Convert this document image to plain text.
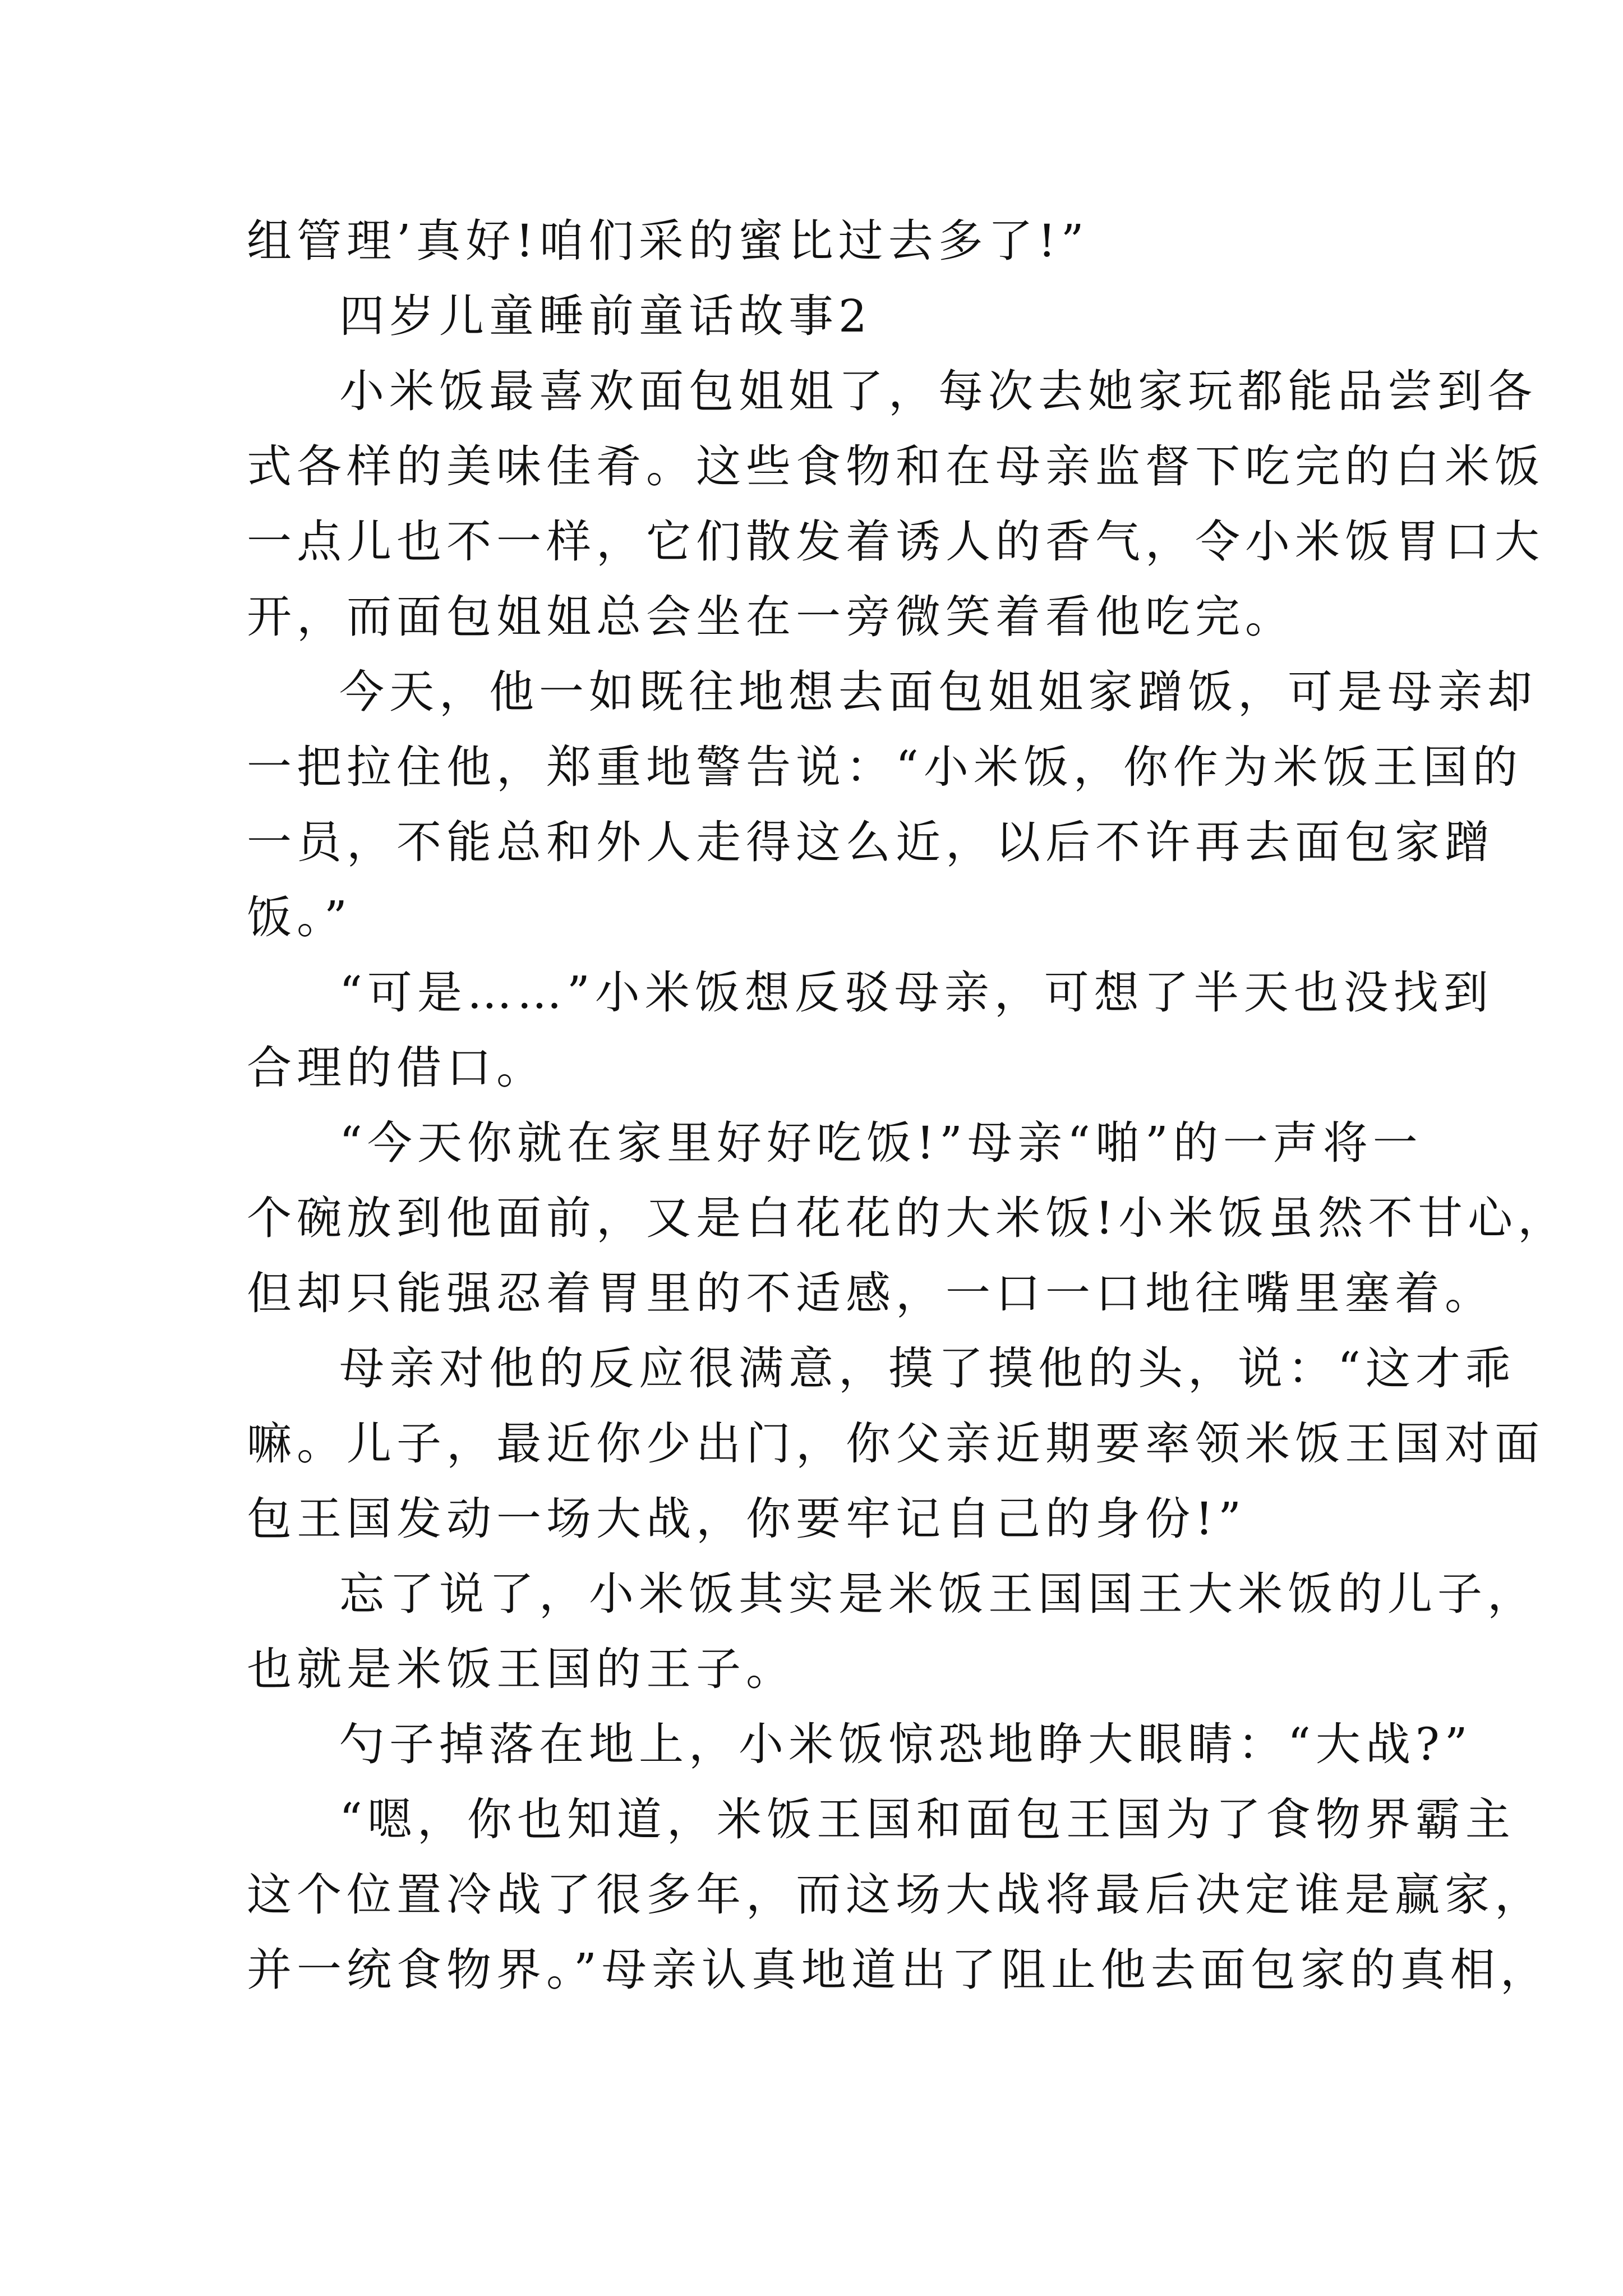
组管理’真好!咱们采的蜜比过去多了!”
四岁儿童睡前童话故事2
小米饭最喜欢面包姐姐了，每次去她家玩都能品尝到各
式各样的美味佳肴。这些食物和在母亲监督下吃完的白米饭
一点儿也不一样，它们散发着诱人的香气，令小米饭胃口大
开，而面包姐姐总会坐在一旁微笑着看他吃完。
今天，他一如既往地想去面包姐姐家蹭饭，可是母亲却
一把拉住他，郑重地警告说：“小米饭，你作为米饭王国的
一员，不能总和外人走得这么近，以后不许再去面包家蹭
饭。”
“可是……”小米饭想反驳母亲，可想了半天也没找到
合理的借口。
“今天你就在家里好好吃饭!”母亲“啪”的一声将一
个碗放到他面前，又是白花花的大米饭!小米饭虽然不甘心，
但却只能强忍着胃里的不适感，一口一口地往嘴里塞着。
母亲对他的反应很满意，摸了摸他的头，说：“这才乖
嘛。儿子，最近你少出门，你父亲近期要率领米饭王国对面
包王国发动一场大战，你要牢记自己的身份!”
忘了说了，小米饭其实是米饭王国国王大米饭的儿子，
也就是米饭王国的王子。
勺子掉落在地上，小米饭惊恐地睁大眼睛：“大战?”
“嗯，你也知道，米饭王国和面包王国为了食物界霸主
这个位置冷战了很多年，而这场大战将最后决定谁是赢家，
并一统食物界。”母亲认真地道出了阻止他去面包家的真相，
